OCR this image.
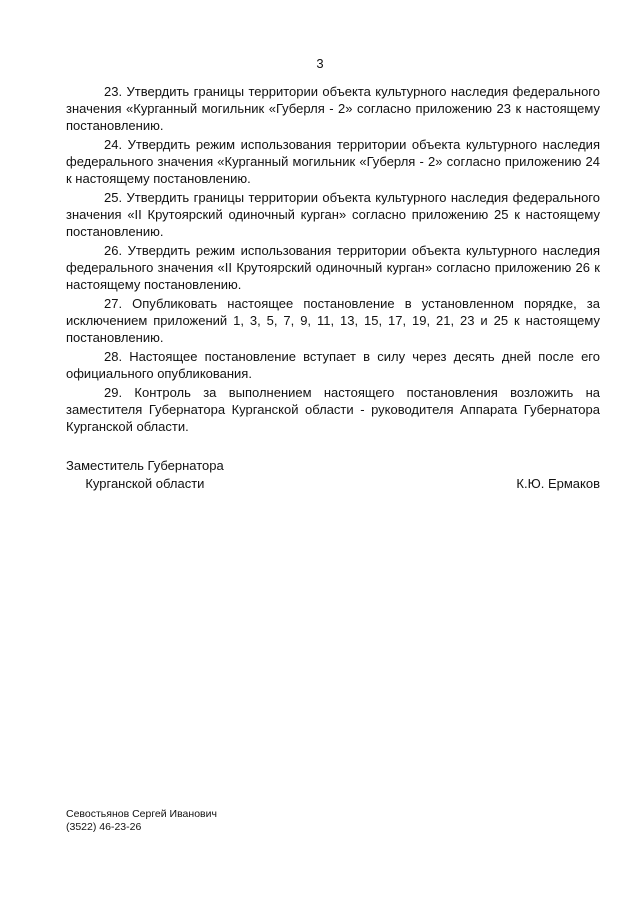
3

23. Утвердить границы территории объекта культурного наследия федерального значения «Курганный могильник «Губерля - 2» согласно приложению 23 к настоящему постановлению.

24. Утвердить режим использования территории объекта культурного наследия федерального значения «Курганный могильник «Губерля - 2» согласно приложению 24 к настоящему постановлению.

25. Утвердить границы территории объекта культурного наследия федерального значения «II Крутоярский одиночный курган» согласно приложению 25 к настоящему постановлению.

26. Утвердить режим использования территории объекта культурного наследия федерального значения «II Крутоярский одиночный курган» согласно приложению 26 к настоящему постановлению.

27. Опубликовать настоящее постановление в установленном порядке, за исключением приложений 1, 3, 5, 7, 9, 11, 13, 15, 17, 19, 21, 23 и 25 к настоящему постановлению.

28. Настоящее постановление вступает в силу через десять дней после его официального опубликования.

29. Контроль за выполнением настоящего постановления возложить на заместителя Губернатора Курганской области - руководителя Аппарата Губернатора Курганской области.

Заместитель Губернатора
Курганской области	К.Ю. Ермаков
Севостьянов Сергей Иванович
(3522) 46-23-26
